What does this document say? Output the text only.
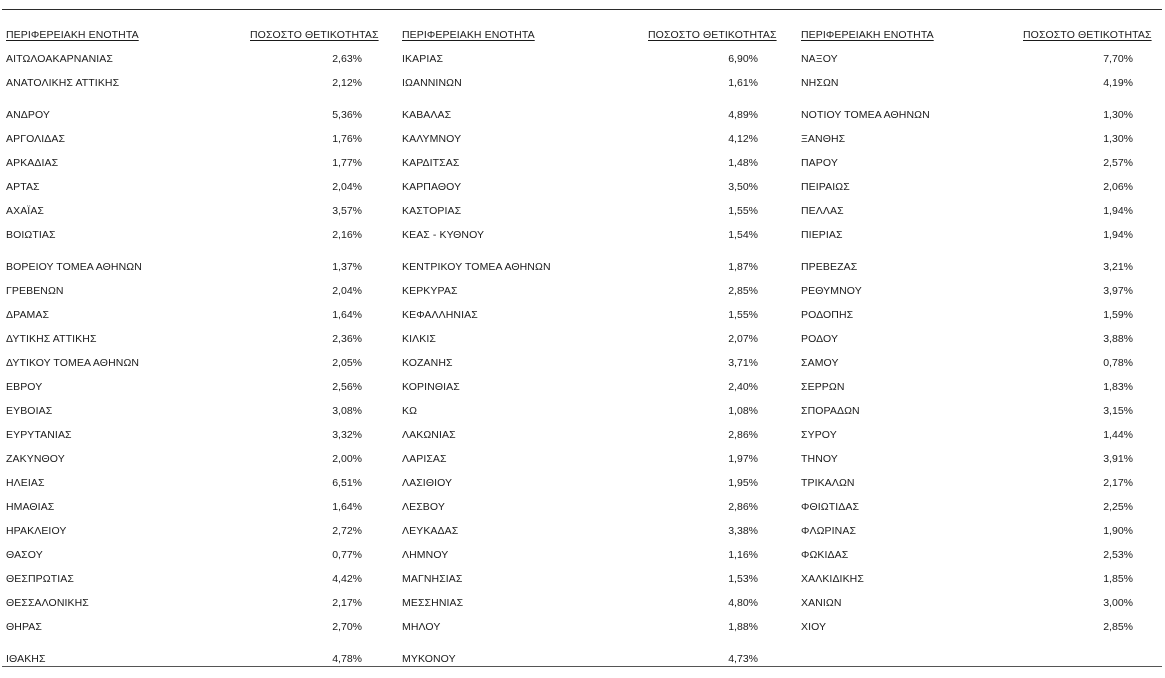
ΠΕΡΙΦΕΡΕΙΑΚΗ ΕΝΟΤΗΤΑ	ΠΟΣΟΣΤΟ ΘΕΤΙΚΟΤΗΤΑΣ
ΑΙΤΩΛΟΑΚΑΡΝΑΝΙΑΣ	2,63%
ΑΝΑΤΟΛΙΚΗΣ ΑΤΤΙΚΗΣ	2,12%
ΑΝΔΡΟΥ	5,36%
ΑΡΓΟΛΙΔΑΣ	1,76%
ΑΡΚΑΔΙΑΣ	1,77%
ΑΡΤΑΣ	2,04%
ΑΧΑΪΑΣ	3,57%
ΒΟΙΩΤΙΑΣ	2,16%
ΒΟΡΕΙΟΥ ΤΟΜΕΑ ΑΘΗΝΩΝ	1,37%
ΓΡΕΒΕΝΩΝ	2,04%
ΔΡΑΜΑΣ	1,64%
ΔΥΤΙΚΗΣ ΑΤΤΙΚΗΣ	2,36%
ΔΥΤΙΚΟΥ ΤΟΜΕΑ ΑΘΗΝΩΝ	2,05%
ΕΒΡΟΥ	2,56%
ΕΥΒΟΙΑΣ	3,08%
ΕΥΡΥΤΑΝΙΑΣ	3,32%
ΖΑΚΥΝΘΟΥ	2,00%
ΗΛΕΙΑΣ	6,51%
ΗΜΑΘΙΑΣ	1,64%
ΗΡΑΚΛΕΙΟΥ	2,72%
ΘΑΣΟΥ	0,77%
ΘΕΣΠΡΩΤΙΑΣ	4,42%
ΘΕΣΣΑΛΟΝΙΚΗΣ	2,17%
ΘΗΡΑΣ	2,70%
ΙΘΑΚΗΣ	4,78%
ΠΕΡΙΦΕΡΕΙΑΚΗ ΕΝΟΤΗΤΑ	ΠΟΣΟΣΤΟ ΘΕΤΙΚΟΤΗΤΑΣ
ΙΚΑΡΙΑΣ	6,90%
ΙΩΑΝΝΙΝΩΝ	1,61%
ΚΑΒΑΛΑΣ	4,89%
ΚΑΛΥΜΝΟΥ	4,12%
ΚΑΡΔΙΤΣΑΣ	1,48%
ΚΑΡΠΑΘΟΥ	3,50%
ΚΑΣΤΟΡΙΑΣ	1,55%
ΚΕΑΣ - ΚΥΘΝΟΥ	1,54%
ΚΕΝΤΡΙΚΟΥ ΤΟΜΕΑ ΑΘΗΝΩΝ	1,87%
ΚΕΡΚΥΡΑΣ	2,85%
ΚΕΦΑΛΛΗΝΙΑΣ	1,55%
ΚΙΛΚΙΣ	2,07%
ΚΟΖΑΝΗΣ	3,71%
ΚΟΡΙΝΘΙΑΣ	2,40%
ΚΩ	1,08%
ΛΑΚΩΝΙΑΣ	2,86%
ΛΑΡΙΣΑΣ	1,97%
ΛΑΣΙΘΙΟΥ	1,95%
ΛΕΣΒΟΥ	2,86%
ΛΕΥΚΑΔΑΣ	3,38%
ΛΗΜΝΟΥ	1,16%
ΜΑΓΝΗΣΙΑΣ	1,53%
ΜΕΣΣΗΝΙΑΣ	4,80%
ΜΗΛΟΥ	1,88%
ΜΥΚΟΝΟΥ	4,73%
ΠΕΡΙΦΕΡΕΙΑΚΗ ΕΝΟΤΗΤΑ	ΠΟΣΟΣΤΟ ΘΕΤΙΚΟΤΗΤΑΣ
ΝΑΞΟΥ	7,70%
ΝΗΣΩΝ	4,19%
ΝΟΤΙΟΥ ΤΟΜΕΑ ΑΘΗΝΩΝ	1,30%
ΞΑΝΘΗΣ	1,30%
ΠΑΡΟΥ	2,57%
ΠΕΙΡΑΙΩΣ	2,06%
ΠΕΛΛΑΣ	1,94%
ΠΙΕΡΙΑΣ	1,94%
ΠΡΕΒΕΖΑΣ	3,21%
ΡΕΘΥΜΝΟΥ	3,97%
ΡΟΔΟΠΗΣ	1,59%
ΡΟΔΟΥ	3,88%
ΣΑΜΟΥ	0,78%
ΣΕΡΡΩΝ	1,83%
ΣΠΟΡΑΔΩΝ	3,15%
ΣΥΡΟΥ	1,44%
ΤΗΝΟΥ	3,91%
ΤΡΙΚΑΛΩΝ	2,17%
ΦΘΙΩΤΙΔΑΣ	2,25%
ΦΛΩΡΙΝΑΣ	1,90%
ΦΩΚΙΔΑΣ	2,53%
ΧΑΛΚΙΔΙΚΗΣ	1,85%
ΧΑΝΙΩΝ	3,00%
ΧΙΟΥ	2,85%
